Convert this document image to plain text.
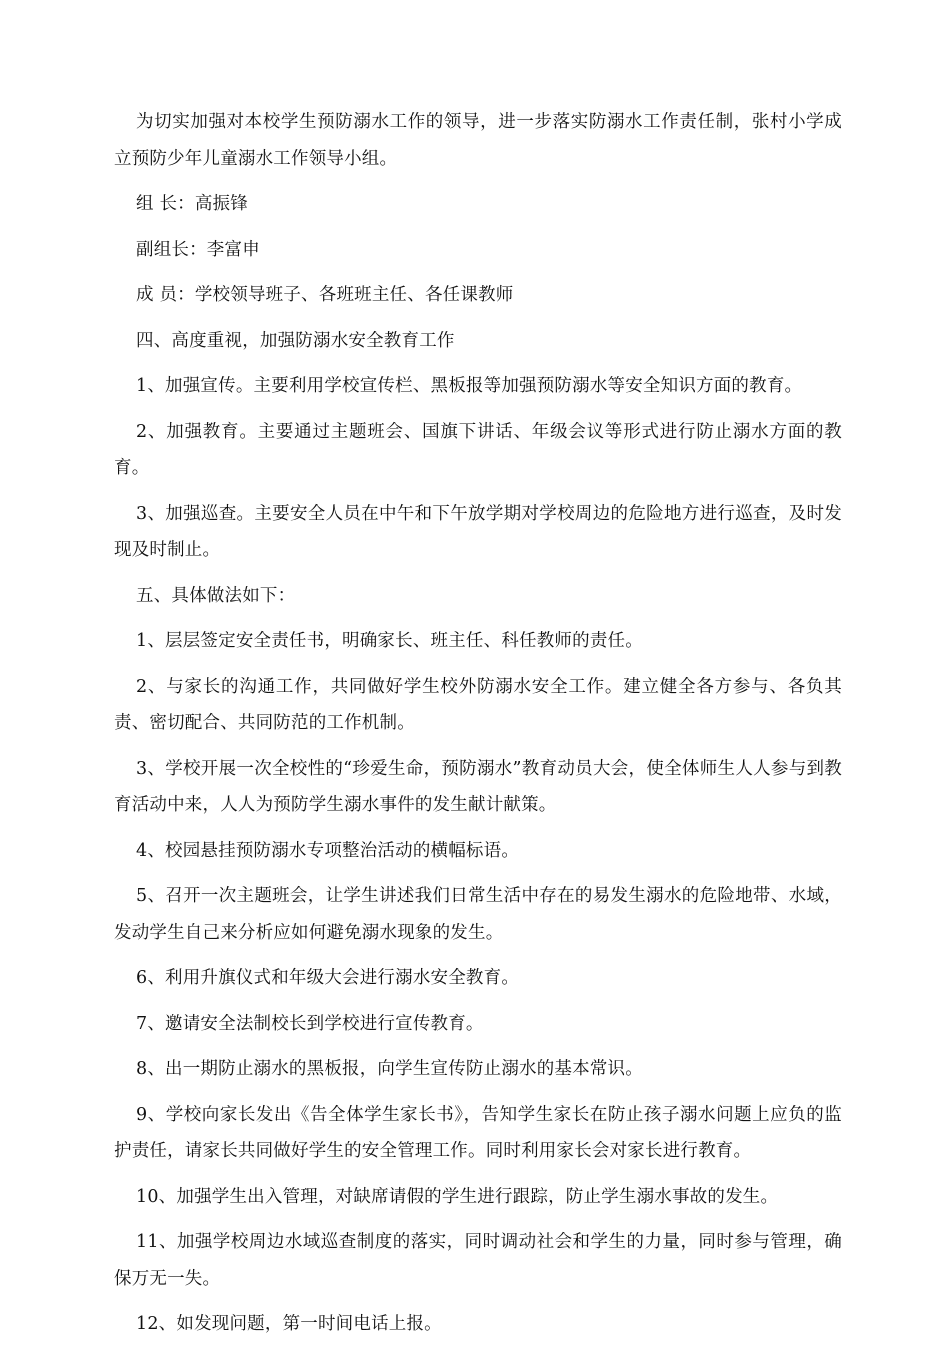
为切实加强对本校学生预防溺水工作的领导，进一步落实防溺水工作责任制，张村小学成立预防少年儿童溺水工作领导小组。

组 长：高振锋

副组长：李富申

成 员：学校领导班子、各班班主任、各任课教师

四、高度重视，加强防溺水安全教育工作

1、加强宣传。主要利用学校宣传栏、黑板报等加强预防溺水等安全知识方面的教育。

2、加强教育。主要通过主题班会、国旗下讲话、年级会议等形式进行防止溺水方面的教育。

3、加强巡查。主要安全人员在中午和下午放学期对学校周边的危险地方进行巡查，及时发现及时制止。

五、具体做法如下：

1、层层签定安全责任书，明确家长、班主任、科任教师的责任。

2、与家长的沟通工作，共同做好学生校外防溺水安全工作。建立健全各方参与、各负其责、密切配合、共同防范的工作机制。

3、学校开展一次全校性的“珍爱生命，预防溺水”教育动员大会，使全体师生人人参与到教育活动中来，人人为预防学生溺水事件的发生献计献策。

4、校园悬挂预防溺水专项整治活动的横幅标语。

5、召开一次主题班会，让学生讲述我们日常生活中存在的易发生溺水的危险地带、水域，发动学生自己来分析应如何避免溺水现象的发生。

6、利用升旗仪式和年级大会进行溺水安全教育。

7、邀请安全法制校长到学校进行宣传教育。

8、出一期防止溺水的黑板报，向学生宣传防止溺水的基本常识。

9、学校向家长发出《告全体学生家长书》，告知学生家长在防止孩子溺水问题上应负的监护责任，请家长共同做好学生的安全管理工作。同时利用家长会对家长进行教育。

10、加强学生出入管理，对缺席请假的学生进行跟踪，防止学生溺水事故的发生。

11、加强学校周边水域巡查制度的落实，同时调动社会和学生的力量，同时参与管理，确保万无一失。

12、如发现问题，第一时间电话上报。
